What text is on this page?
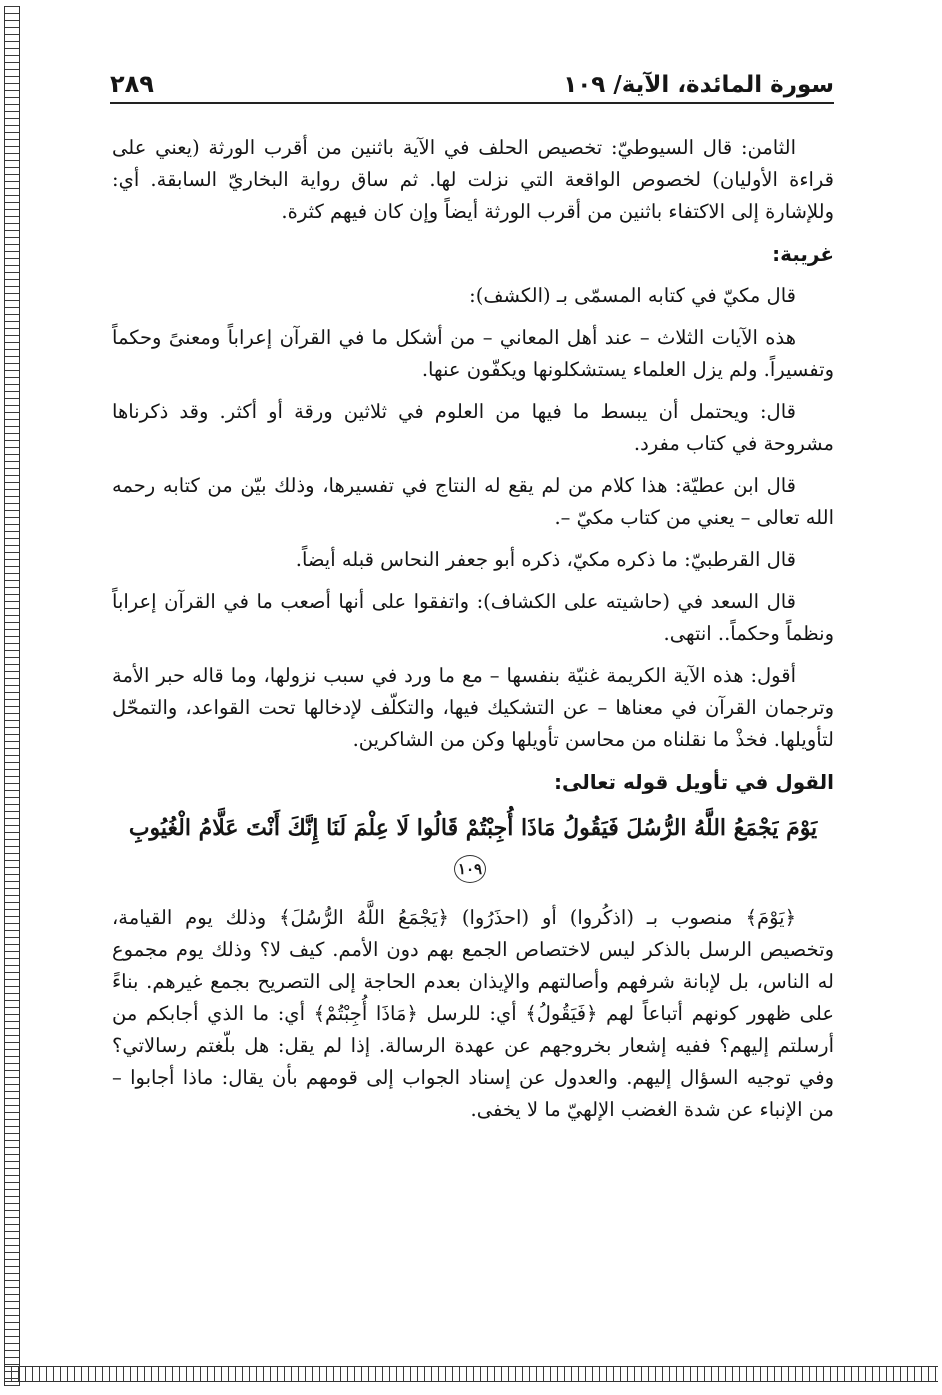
سورة المائدة، الآية/ ١٠٩
٢٨٩

الثامن: قال السيوطيّ: تخصيص الحلف في الآية باثنين من أقرب الورثة (يعني على قراءة الأوليان) لخصوص الواقعة التي نزلت لها. ثم ساق رواية البخاريّ السابقة. أي: وللإشارة إلى الاكتفاء باثنين من أقرب الورثة أيضاً وإن كان فيهم كثرة.

غريبة:

قال مكيّ في كتابه المسمّى بـ (الكشف):

هذه الآيات الثلاث – عند أهل المعاني – من أشكل ما في القرآن إعراباً ومعنىً وحكماً وتفسيراً. ولم يزل العلماء يستشكلونها ويكفّون عنها.

قال: ويحتمل أن يبسط ما فيها من العلوم في ثلاثين ورقة أو أكثر. وقد ذكرناها مشروحة في كتاب مفرد.

قال ابن عطيّة: هذا كلام من لم يقع له النتاج في تفسيرها، وذلك بيّن من كتابه رحمه الله تعالى – يعني من كتاب مكيّ –.

قال القرطبيّ: ما ذكره مكيّ، ذكره أبو جعفر النحاس قبله أيضاً.

قال السعد في (حاشيته على الكشاف): واتفقوا على أنها أصعب ما في القرآن إعراباً ونظماً وحكماً.. انتهى.

أقول: هذه الآية الكريمة غنيّة بنفسها – مع ما ورد في سبب نزولها، وما قاله حبر الأمة وترجمان القرآن في معناها – عن التشكيك فيها، والتكلّف لإدخالها تحت القواعد، والتمحّل لتأويلها. فخذْ ما نقلناه من محاسن تأويلها وكن من الشاكرين.

القول في تأويل قوله تعالى:
يَوْمَ يَجْمَعُ اللَّهُ الرُّسُلَ فَيَقُولُ مَاذَا أُجِبْتُمْ قَالُوا لَا عِلْمَ لَنَا إِنَّكَ أَنْتَ عَلَّامُ الْغُيُوبِ ١٠٩

﴿يَوْمَ﴾ منصوب بـ (اذكُروا) أو (احذَرُوا) ﴿يَجْمَعُ اللَّهُ الرُّسُلَ﴾ وذلك يوم القيامة، وتخصيص الرسل بالذكر ليس لاختصاص الجمع بهم دون الأمم. كيف لا؟ وذلك يوم مجموع له الناس، بل لإبانة شرفهم وأصالتهم والإيذان بعدم الحاجة إلى التصريح بجمع غيرهم. بناءً على ظهور كونهم أتباعاً لهم ﴿فَيَقُولُ﴾ أي: للرسل ﴿مَاذَا أُجِبْتُمْ﴾ أي: ما الذي أجابكم من أرسلتم إليهم؟ ففيه إشعار بخروجهم عن عهدة الرسالة. إذا لم يقل: هل بلّغتم رسالاتي؟ وفي توجيه السؤال إليهم. والعدول عن إسناد الجواب إلى قومهم بأن يقال: ماذا أجابوا – من الإنباء عن شدة الغضب الإلهيّ ما لا يخفى.
